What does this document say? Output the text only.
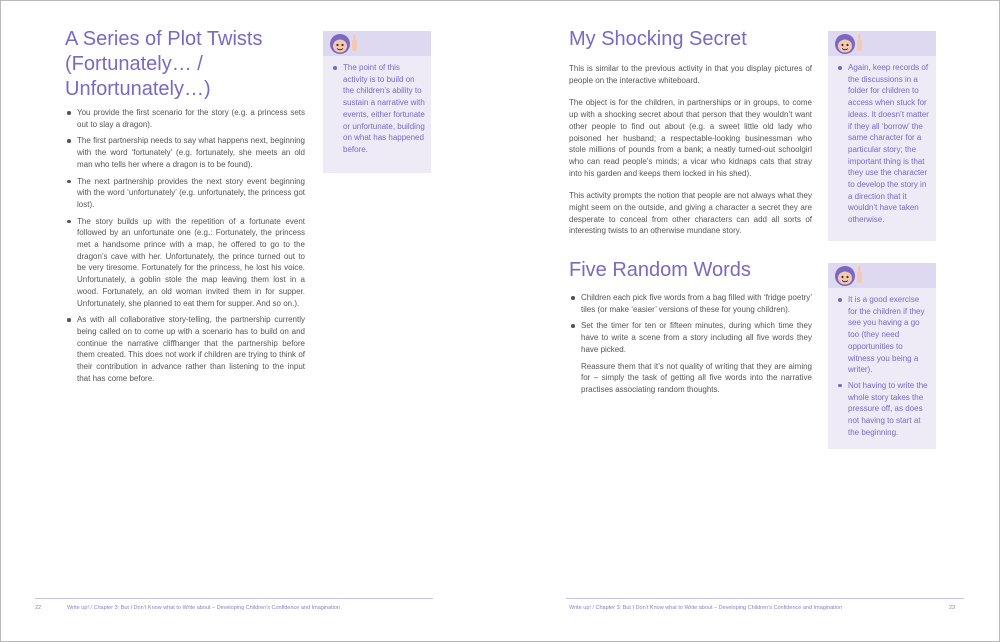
A Series of Plot Twists
(Fortunately… /
Unfortunately…)
You provide the first scenario for the story (e.g. a princess sets out to slay a dragon).
The first partnership needs to say what happens next, beginning with the word ‘fortunately’ (e.g. fortunately, she meets an old man who tells her where a dragon is to be found).
The next partnership provides the next story event beginning with the word ‘unfortunately’ (e.g. unfortunately, the princess got lost).
The story builds up with the repetition of a fortunate event followed by an unfortunate one (e.g.: Fortunately, the princess met a handsome prince with a map, he offered to go to the dragon’s cave with her. Unfortunately, the prince turned out to be very tiresome. Fortunately for the princess, he lost his voice. Unfortunately, a goblin stole the map leaving them lost in a wood. Fortunately, an old woman invited them in for supper. Unfortunately, she planned to eat them for supper. And so on.).
As with all collaborative story-telling, the partnership currently being called on to come up with a scenario has to build on and continue the narrative cliffhanger that the partnership before them created. This does not work if children are trying to think of their contribution in advance rather than listening to the input that has come before.
The point of this activity is to build on the children’s ability to sustain a narrative with events, either fortunate or unfortunate, building on what has happened before.
22	Write up! / Chapter 3: But I Don’t Know what to Write about – Developing Children’s Confidence and Imagination
My Shocking Secret

This is similar to the previous activity in that you display pictures of people on the interactive whiteboard.

The object is for the children, in partnerships or in groups, to come up with a shocking secret about that person that they wouldn’t want other people to find out about (e.g. a sweet little old lady who poisoned her husband; a respectable-looking businessman who stole millions of pounds from a bank; a neatly turned-out schoolgirl who can read people’s minds; a vicar who kidnaps cats that stray into his garden and keeps them locked in his shed).

This activity prompts the notion that people are not always what they might seem on the outside, and giving a character a secret they are desperate to conceal from other characters can add all sorts of interesting twists to an otherwise mundane story.

Again, keep records of the discussions in a folder for children to access when stuck for ideas. It doesn’t matter if they all ‘borrow’ the same character for a particular story; the important thing is that they use the character to develop the story in a direction that it wouldn’t have taken otherwise.
Five Random Words
Children each pick five words from a bag filled with ‘fridge poetry’ tiles (or make ‘easier’ versions of these for young children).
Set the timer for ten or fifteen minutes, during which time they have to write a scene from a story including all five words they have picked.
Reassure them that it’s not quality of writing that they are aiming for – simply the task of getting all five words into the narrative practises associating random thoughts.
It is a good exercise for the children if they see you having a go too (they need opportunities to witness you being a writer).
Not having to write the whole story takes the pressure off, as does not having to start at the beginning.
Write up! / Chapter 3: But I Don’t Know what to Write about – Developing Children’s Confidence and Imagination	23
